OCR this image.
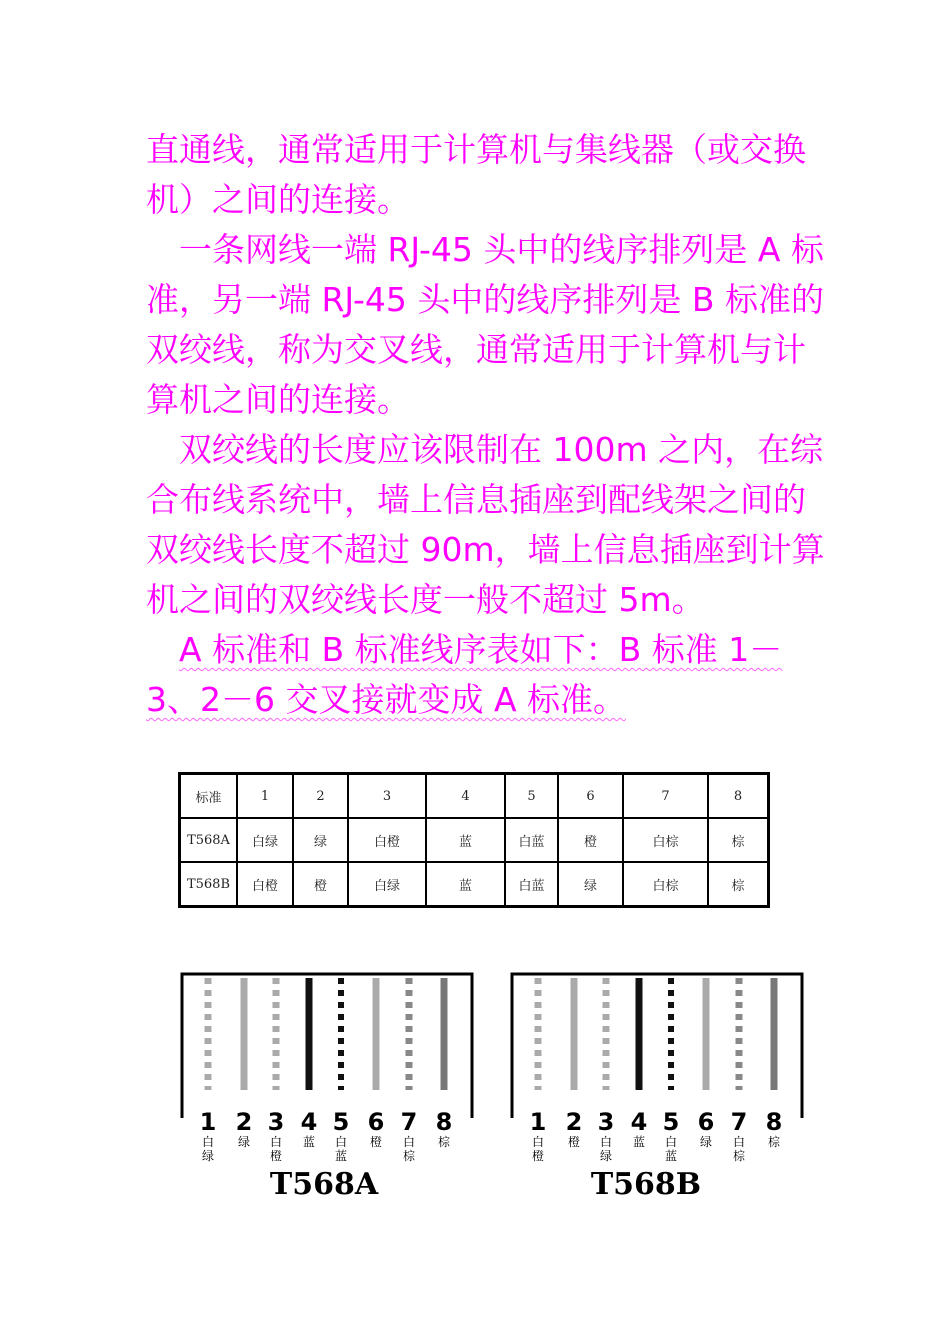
直通线，通常适用于计算机与集线器（或交换机）之间的连接。

一条网线一端 RJ-45 头中的线序排列是 A 标准，另一端 RJ-45 头中的线序排列是 B 标准的双绞线，称为交叉线，通常适用于计算机与计算机之间的连接。

双绞线的长度应该限制在 100m 之内，在综合布线系统中，墙上信息插座到配线架之间的双绞线长度不超过 90m，墙上信息插座到计算机之间的双绞线长度一般不超过 5m。

A 标准和 B 标准线序表如下：B 标准 1－3、2－6 交叉接就变成 A 标准。

标准	1	2	3	4	5	6	7	8
T568A	白绿	绿	白橙	蓝	白蓝	橙	白棕	棕
T568B	白橙	橙	白绿	蓝	白蓝	绿	白棕	棕
1 2 3 4 5 6 7 8
白
绿
绿 白
橙
蓝 白
蓝
橙 白
棕
棕
T568A
1 2 3 4 5 6 7 8
白
橙
橙 白
绿
蓝 白
蓝
绿 白
棕
棕
T568B
